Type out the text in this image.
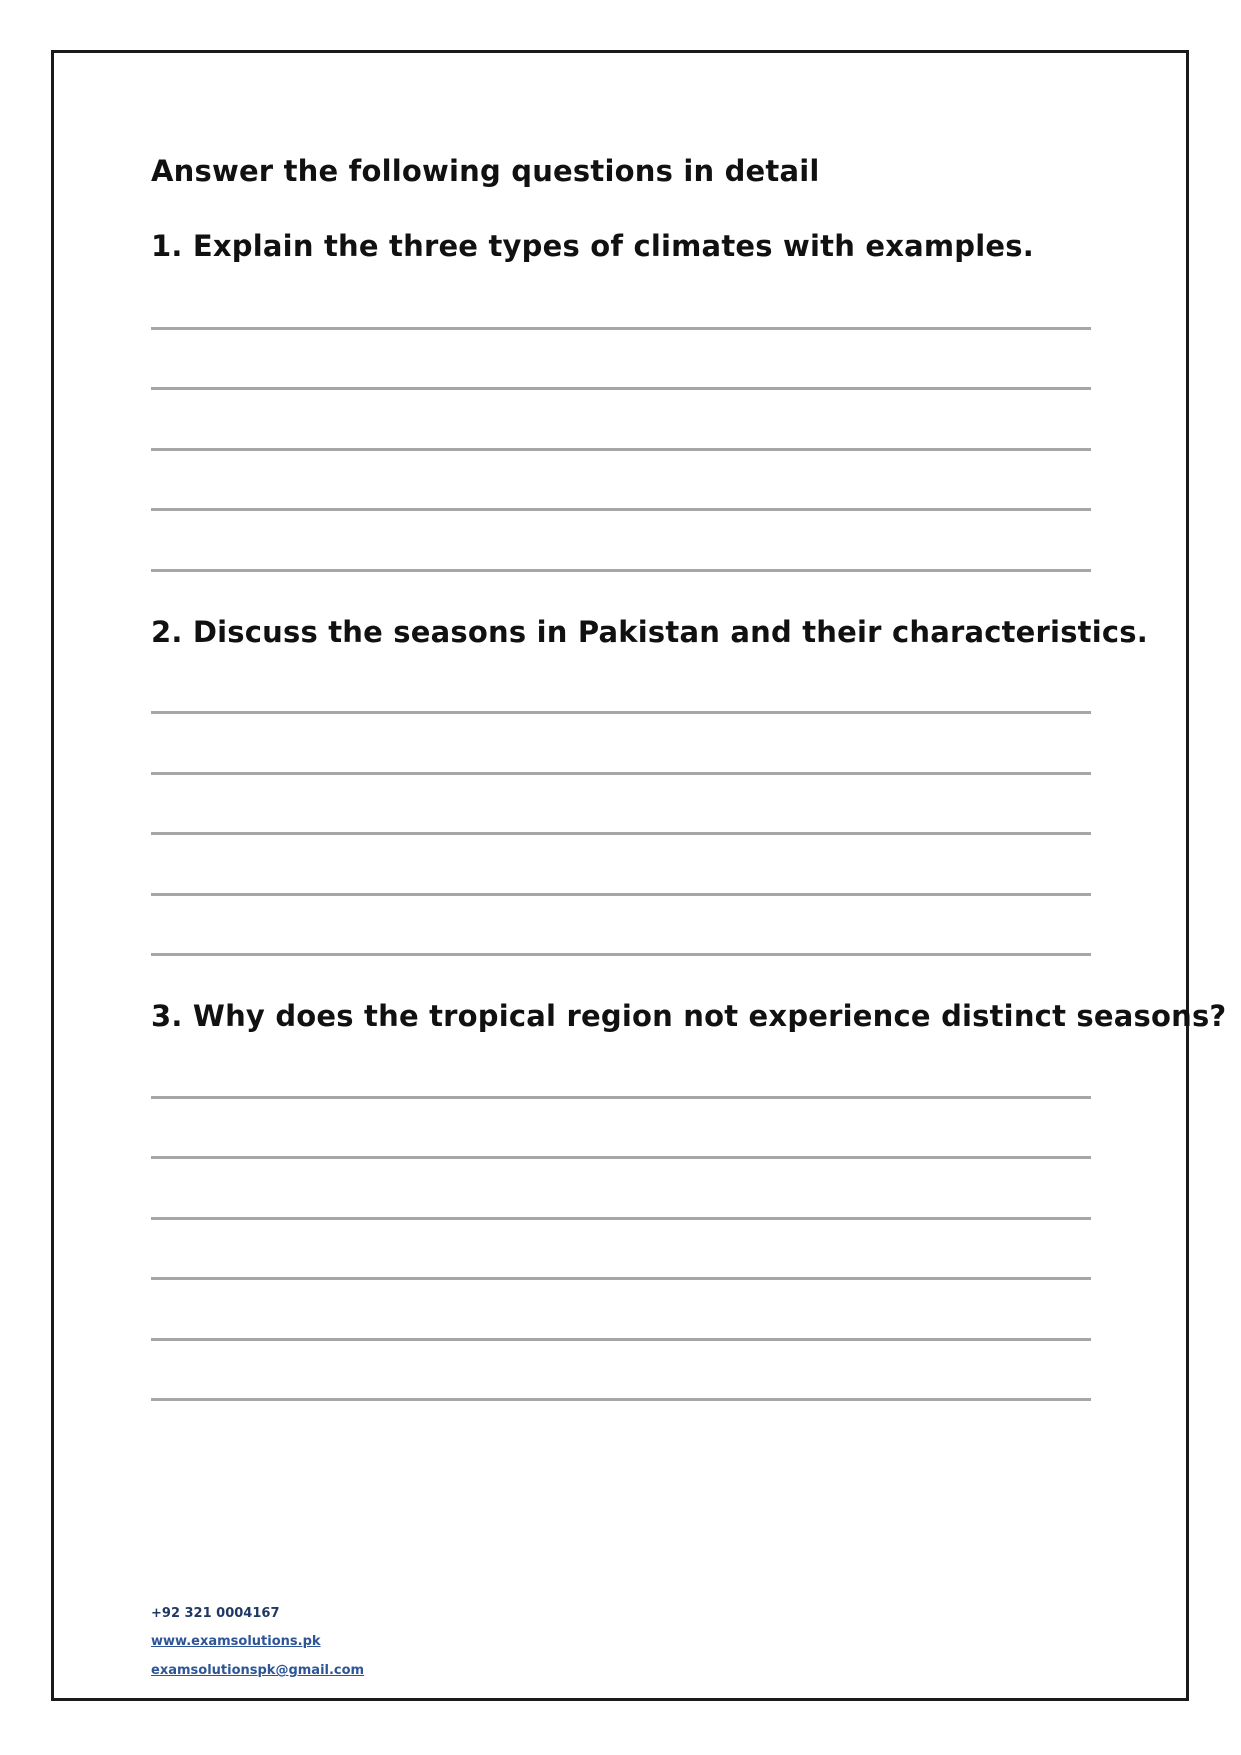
Answer the following questions in detail
1. Explain the three types of climates with examples.
2. Discuss the seasons in Pakistan and their characteristics.
3. Why does the tropical region not experience distinct seasons?
+92 321 0004167
www.examsolutions.pk
examsolutionspk@gmail.com
